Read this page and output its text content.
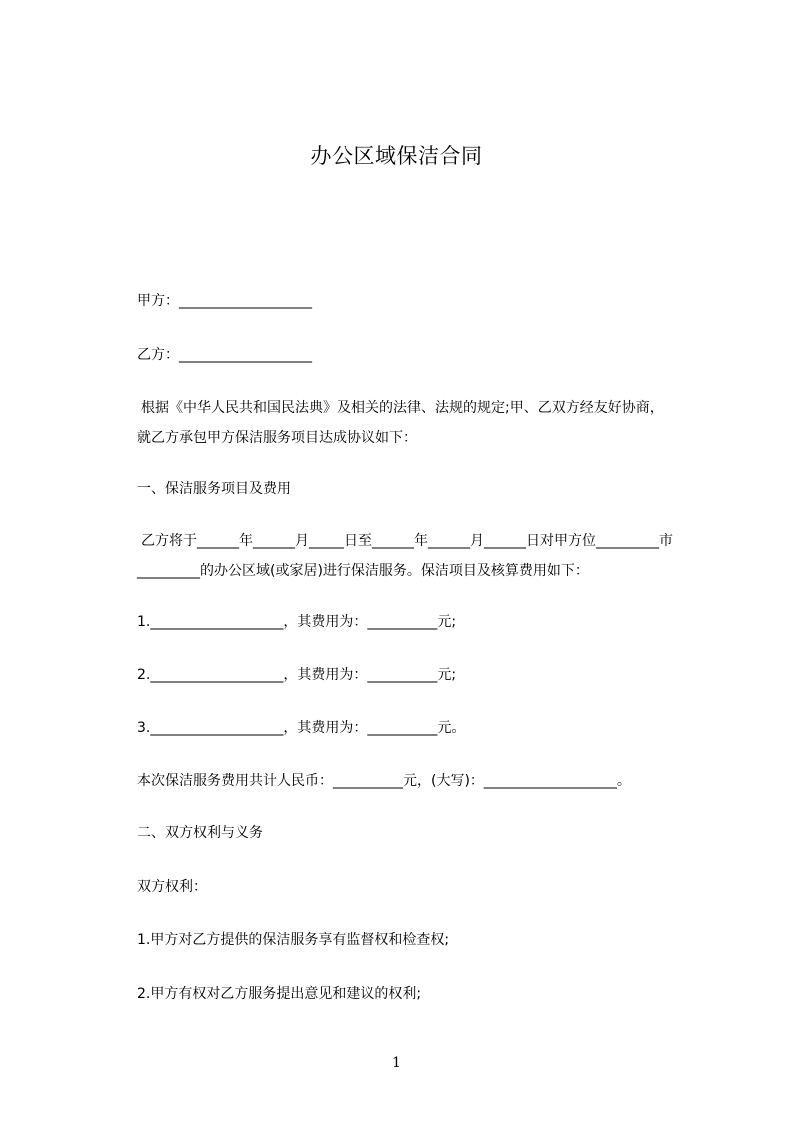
办公区域保洁合同
甲方：___________________
乙方：___________________
根据《中华人民共和国民法典》及相关的法律、法规的规定;甲、乙双方经友好协商，就乙方承包甲方保洁服务项目达成协议如下：
一、保洁服务项目及费用
乙方将于______年______月_____日至______年______月______日对甲方位_________市_________的办公区域(或家居)进行保洁服务。保洁项目及核算费用如下：
1.___________________，其费用为：__________元;
2.___________________，其费用为：__________元;
3.___________________，其费用为：__________元。
本次保洁服务费用共计人民币：__________元，(大写)：___________________。
二、双方权利与义务
双方权利：
1.甲方对乙方提供的保洁服务享有监督权和检查权;
2.甲方有权对乙方服务提出意见和建议的权利;
1
